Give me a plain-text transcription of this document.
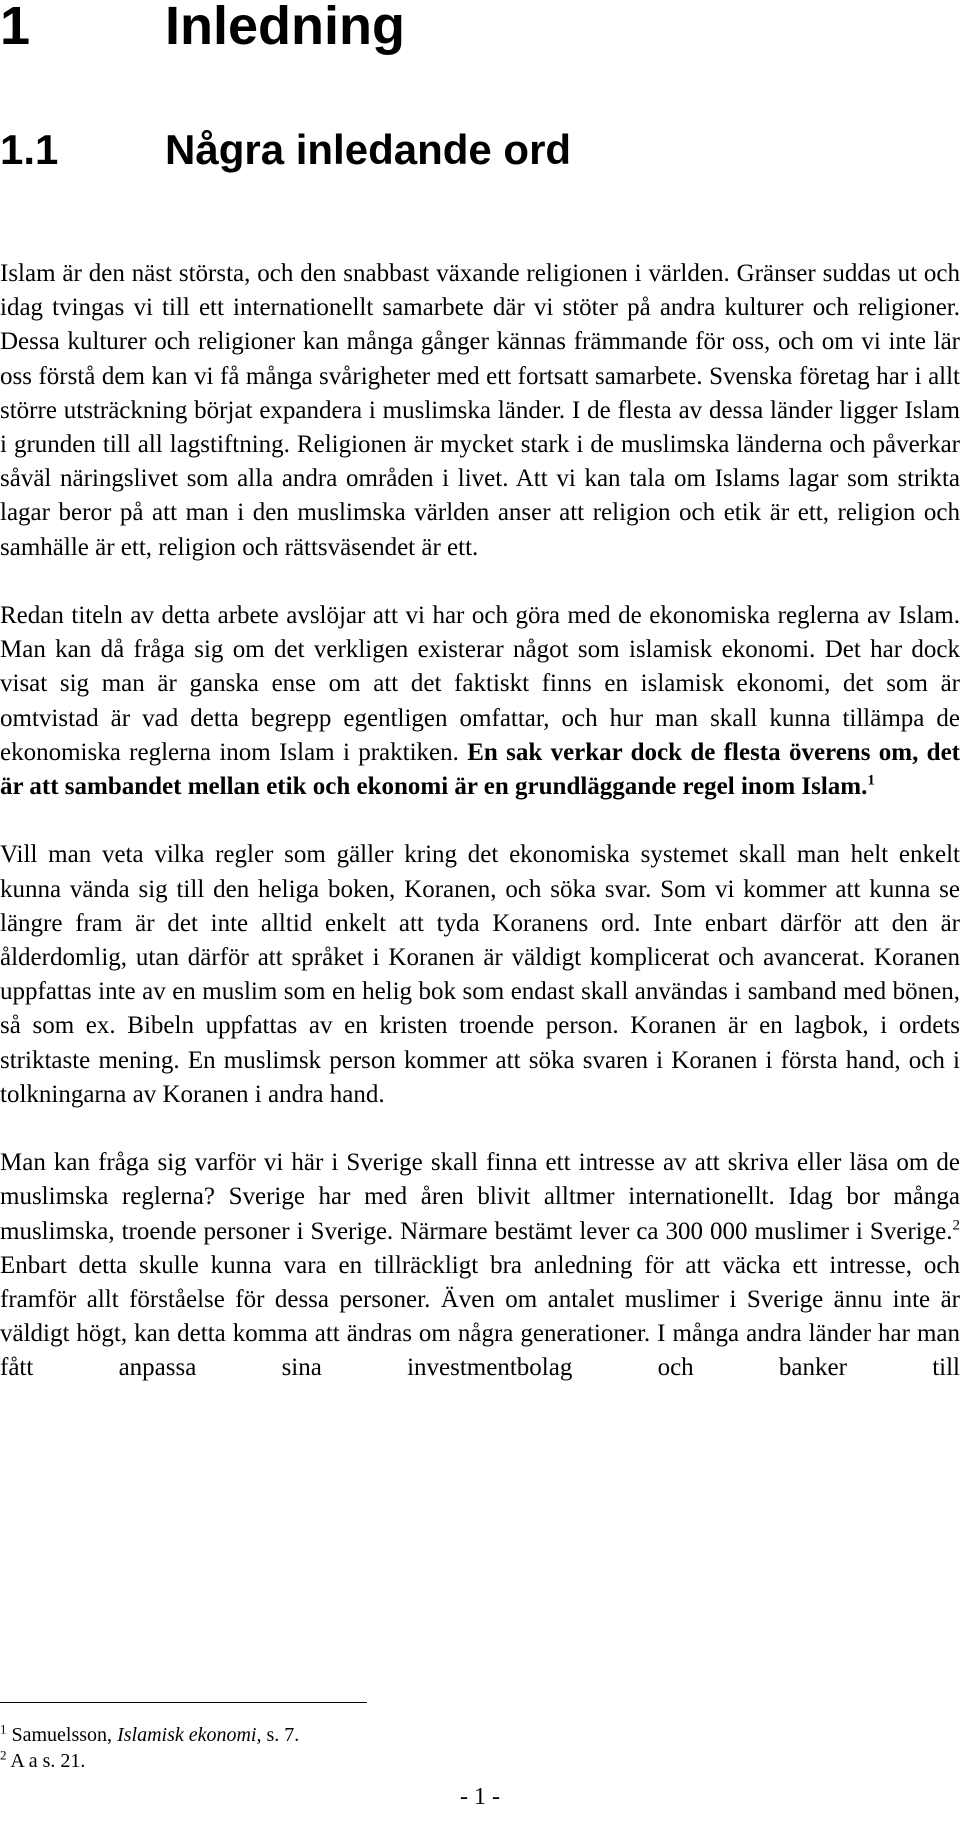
1 Inledning
1.1	Några inledande ord

Islam är den näst största, och den snabbast växande religionen i världen. Gränser suddas ut och idag tvingas vi till ett internationellt samarbete där vi stöter på andra kulturer och religioner. Dessa kulturer och religioner kan många gånger kännas främmande för oss, och om vi inte lär oss förstå dem kan vi få många svårigheter med ett fortsatt samarbete. Svenska företag har i allt större utsträckning börjat expandera i muslimska länder. I de flesta av dessa länder ligger Islam i grunden till all lagstiftning. Religionen är mycket stark i de muslimska länderna och påverkar såväl näringslivet som alla andra områden i livet. Att vi kan tala om Islams lagar som strikta lagar beror på att man i den muslimska världen anser att religion och etik är ett, religion och samhälle är ett, religion och rättsväsendet är ett.

Redan titeln av detta arbete avslöjar att vi har och göra med de ekonomiska reglerna av Islam. Man kan då fråga sig om det verkligen existerar något som islamisk ekonomi. Det har dock visat sig man är ganska ense om att det faktiskt finns en islamisk ekonomi, det som är omtvistad är vad detta begrepp egentligen omfattar, och hur man skall kunna tillämpa de ekonomiska reglerna inom Islam i praktiken. En sak verkar dock de flesta överens om, det är att sambandet mellan etik och ekonomi är en grundläggande regel inom Islam.$^1$

Vill man veta vilka regler som gäller kring det ekonomiska systemet skall man helt enkelt kunna vända sig till den heliga boken, Koranen, och söka svar. Som vi kommer att kunna se längre fram är det inte alltid enkelt att tyda Koranens ord. Inte enbart därför att den är ålderdomlig, utan därför att språket i Koranen är väldigt komplicerat och avancerat. Koranen uppfattas inte av en muslim som en helig bok som endast skall användas i samband med bönen, så som ex. Bibeln uppfattas av en kristen troende person. Koranen är en lagbok, i ordets striktaste mening. En muslimsk person kommer att söka svaren i Koranen i första hand, och i tolkningarna av Koranen i andra hand.

Man kan fråga sig varför vi här i Sverige skall finna ett intresse av att skriva eller läsa om de muslimska reglerna? Sverige har med åren blivit alltmer internationellt. Idag bor många muslimska, troende personer i Sverige. Närmare bestämt lever ca 300 000 muslimer i Sverige.$^2$ Enbart detta skulle kunna vara en tillräckligt bra anledning för att väcka ett intresse, och framför allt förståelse för dessa personer. Även om antalet muslimer i Sverige ännu inte är väldigt högt, kan detta komma att ändras om några generationer. I många andra länder har man fått anpassa sina investmentbolag och banker till

$^1$ Samuelsson, Islamisk ekonomi, s. 7.
$^2$ A a s. 21.
- 1 -
